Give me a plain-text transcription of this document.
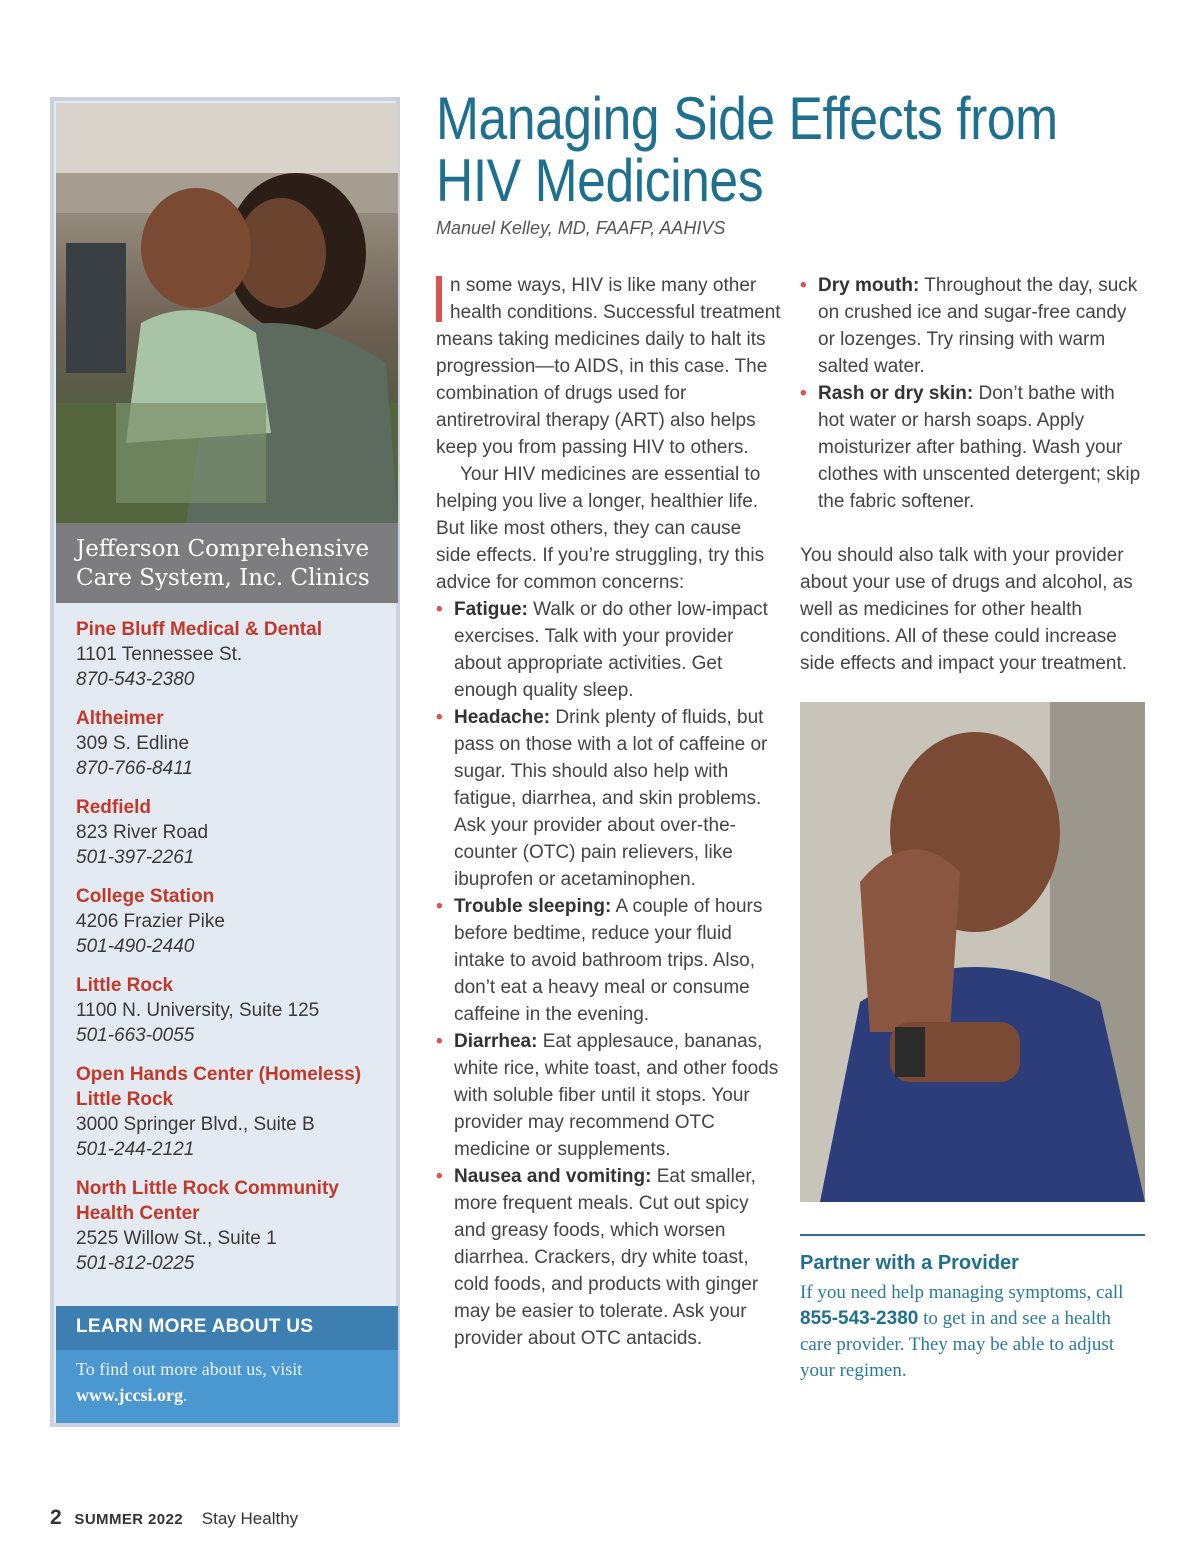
Jefferson Comprehensive
Care System, Inc. Clinics
Pine Bluff Medical & Dental
1101 Tennessee St.
870-543-2380
Altheimer
309 S. Edline
870-766-8411
Redfield
823 River Road
501-397-2261
College Station
4206 Frazier Pike
501-490-2440
Little Rock
1100 N. University, Suite 125
501-663-0055
Open Hands Center (Homeless) Little Rock
3000 Springer Blvd., Suite B
501-244-2121
North Little Rock Community Health Center
2525 Willow St., Suite 1
501-812-0225
LEARN MORE ABOUT US
To find out more about us, visit www.jccsi.org.
Managing Side Effects from
HIV Medicines
Manuel Kelley, MD, FAAFP, AAHIVS

n some ways, HIV is like many other health conditions. Successful treatment means taking medicines daily to halt its progression—to AIDS, in this case. The combination of drugs used for antiretroviral therapy (ART) also helps keep you from passing HIV to others.

Your HIV medicines are essential to helping you live a longer, healthier life. But like most others, they can cause side effects. If you’re struggling, try this advice for common concerns:

• Fatigue: Walk or do other low-impact exercises. Talk with your provider about appropriate activities. Get enough quality sleep.
• Headache: Drink plenty of fluids, but pass on those with a lot of caffeine or sugar. This should also help with fatigue, diarrhea, and skin problems. Ask your provider about over-the-counter (OTC) pain relievers, like ibuprofen or acetaminophen.
• Trouble sleeping: A couple of hours before bedtime, reduce your fluid intake to avoid bathroom trips. Also, don’t eat a heavy meal or consume caffeine in the evening.
• Diarrhea: Eat applesauce, bananas, white rice, white toast, and other foods with soluble fiber until it stops. Your provider may recommend OTC medicine or supplements.
• Nausea and vomiting: Eat smaller, more frequent meals. Cut out spicy and greasy foods, which worsen diarrhea. Crackers, dry white toast, cold foods, and products with ginger may be easier to tolerate. Ask your provider about OTC antacids.
• Dry mouth: Throughout the day, suck on crushed ice and sugar-free candy or lozenges. Try rinsing with warm salted water.
• Rash or dry skin: Don’t bathe with hot water or harsh soaps. Apply moisturizer after bathing. Wash your clothes with unscented detergent; skip the fabric softener.

You should also talk with your provider about your use of drugs and alcohol, as well as medicines for other health conditions. All of these could increase side effects and impact your treatment.

Partner with a Provider
If you need help managing symptoms, call 855-543-2380 to get in and see a health care provider. They may be able to adjust your regimen.
2 SUMMER 2022 Stay Healthy
